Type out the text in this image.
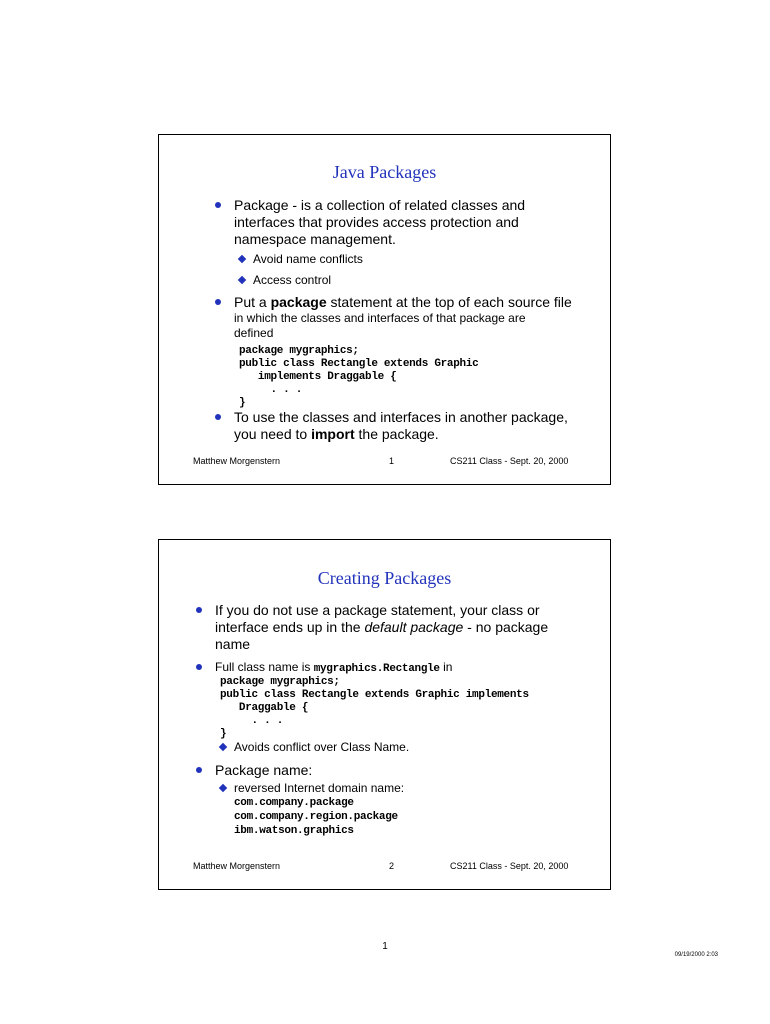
Java Packages
Package - is a collection of related classes and interfaces that provides access protection and namespace management.
Avoid name conflicts
Access control
Put a package statement at the top of each source file
in which the classes and interfaces of that package are defined
package mygraphics;
public class Rectangle extends Graphic
implements Draggable {
. . .
}
To use the classes and interfaces in another package, you need to import the package.
Matthew Morgenstern	1	CS211 Class - Sept. 20, 2000
Creating Packages
If you do not use a package statement, your class or interface ends up in the default package - no package name
Full class name is mygraphics.Rectangle in
package mygraphics;
public class Rectangle extends Graphic implements
Draggable {
. . .
}
Avoids conflict over Class Name.
Package name:
reversed Internet domain name:
com.company.package
com.company.region.package
ibm.watson.graphics
Matthew Morgenstern	2	CS211 Class - Sept. 20, 2000
1
09/19/2000 2:03
